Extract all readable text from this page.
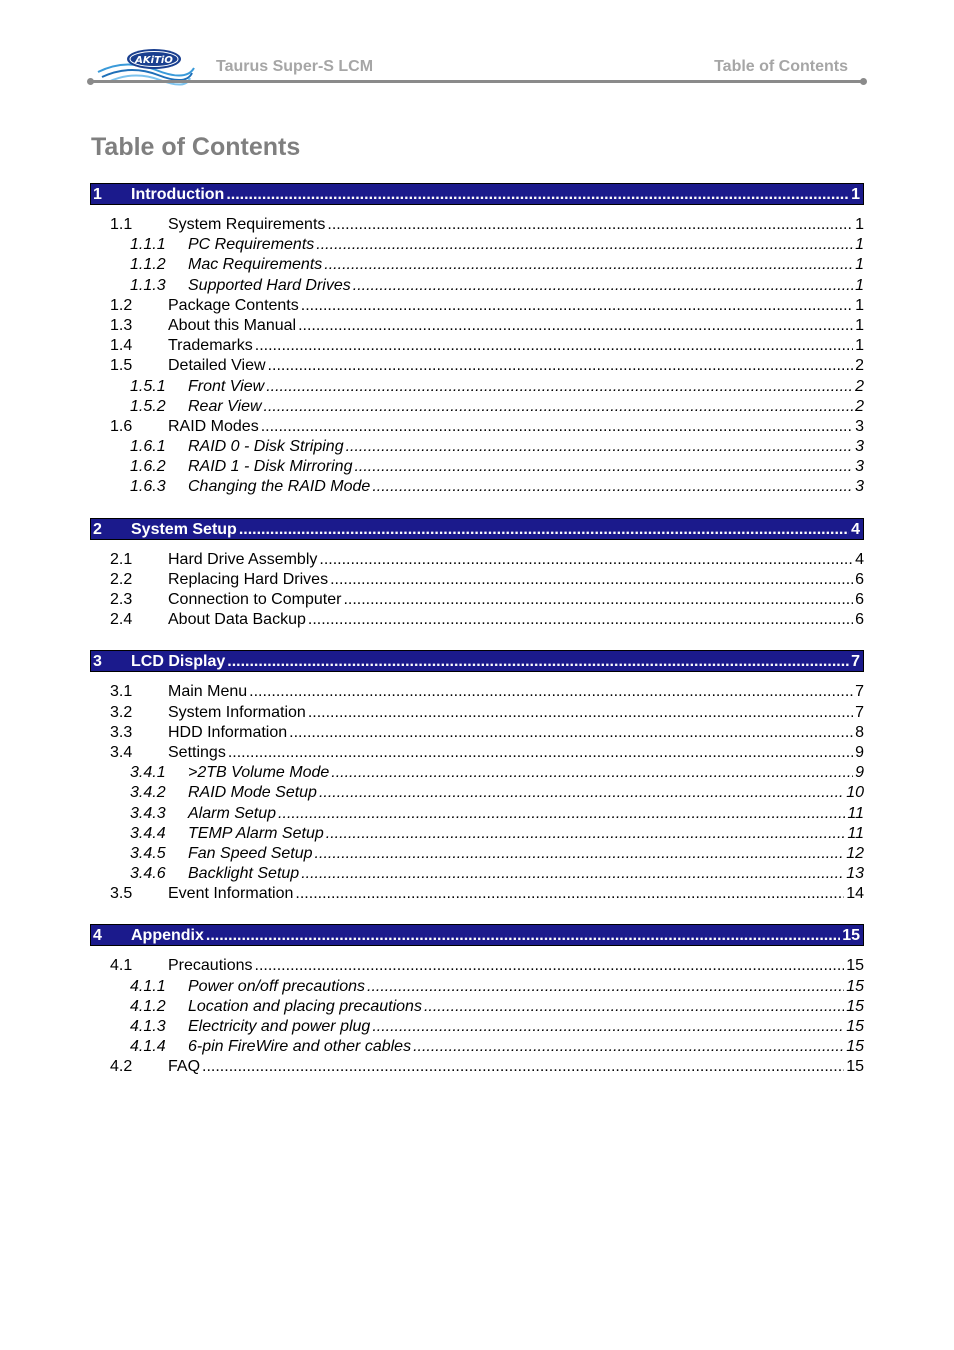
AKiTiO	Taurus Super-S LCM	Table of Contents
Table of Contents
1	Introduction .....	1
1.1	System Requirements .....	1
1.1.1	PC Requirements .....	1
1.1.2	Mac Requirements .....	1
1.1.3	Supported Hard Drives .....	1
1.2	Package Contents .....	1
1.3	About this Manual .....	1
1.4	Trademarks .....	1
1.5	Detailed View .....	2
1.5.1	Front View .....	2
1.5.2	Rear View .....	2
1.6	RAID Modes .....	3
1.6.1	RAID 0 - Disk Striping .....	3
1.6.2	RAID 1 - Disk Mirroring .....	3
1.6.3	Changing the RAID Mode .....	3
2	System Setup .....	4
2.1	Hard Drive Assembly .....	4
2.2	Replacing Hard Drives .....	6
2.3	Connection to Computer .....	6
2.4	About Data Backup .....	6
3	LCD Display .....	7
3.1	Main Menu .....	7
3.2	System Information .....	7
3.3	HDD Information .....	8
3.4	Settings .....	9
3.4.1	>2TB Volume Mode .....	9
3.4.2	RAID Mode Setup .....	10
3.4.3	Alarm Setup .....	11
3.4.4	TEMP Alarm Setup .....	11
3.4.5	Fan Speed Setup .....	12
3.4.6	Backlight Setup .....	13
3.5	Event Information .....	14
4	Appendix .....	15
4.1	Precautions .....	15
4.1.1	Power on/off precautions .....	15
4.1.2	Location and placing precautions .....	15
4.1.3	Electricity and power plug .....	15
4.1.4	6-pin FireWire and other cables .....	15
4.2	FAQ .....	15
